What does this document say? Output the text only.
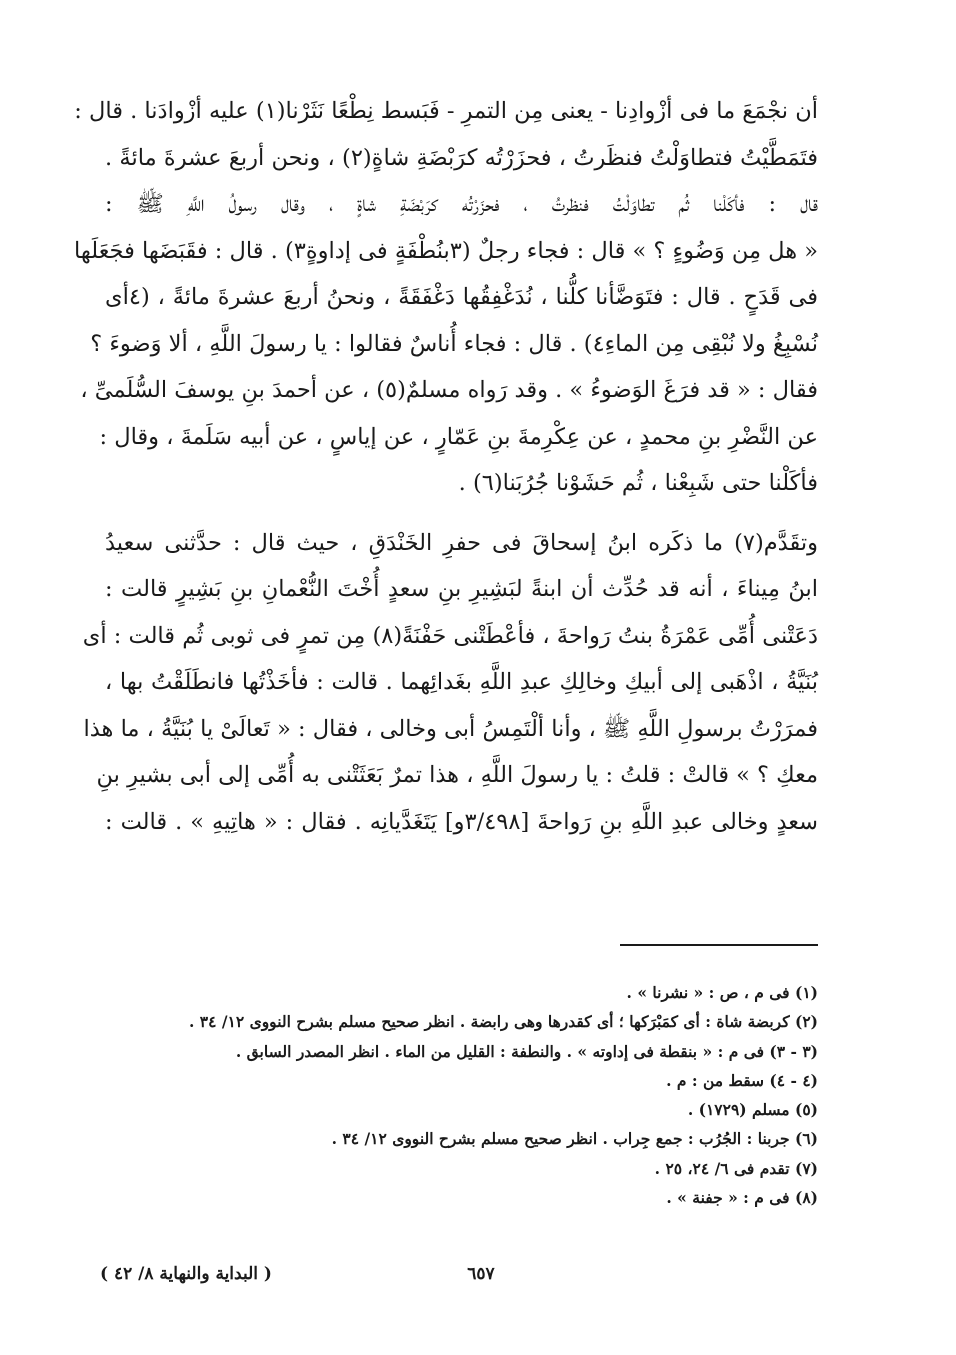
أن نجْمَعَ ما فى أزْوادِنا - يعنى مِن التمرِ - فَبَسط نِطْعًا نَثَرْنا(١) عليه أزْوادَنا . قال :
فتَمَطَّيْتُ فتطاوَلْتُ فنظَرتُ ، فحزَرْتُه كرَبْضَةِ شاةٍ(٢) ، ونحن أربعَ عشرةَ مائةً .
قال : فأكَلْنا ثُم تطاوَلْتُ فنظرتُ ، فحزَرْتُه كرَبْضَةِ شاةٍ ، وقال رسولُ اللَّهِ ﷺ :
« هل مِن وَضُوءٍ ؟ » قال : فجاء رجلٌ (٣بنُطْفَةٍ فى إداوةٍ٣) . قال : فقَبَضَها فجَعَلَها
فى قَدَحٍ . قال : فتَوَضَّأنا كلُّنا ، نُدَغْفِقُها دَغْفَقَةً ، ونحنُ أربعَ عشرةَ مائةً ، (٤أى
نُسْبِغُ ولا نُبْقِى مِن الماءِ٤) . قال : فجاء أُناسٌ فقالوا : يا رسولَ اللَّهِ ، ألا وَضوءَ ؟
فقال : « قد فرَغَ الوَضوءُ » . وقد رَواه مسلمٌ(٥) ، عن أحمدَ بنِ يوسفَ السُّلَمىِّ ،
عن النَّضْرِ بنِ محمدٍ ، عن عِكْرِمةَ بنِ عَمّارٍ ، عن إياسٍ ، عن أبيه سَلَمةَ ، وقال :
فأكَلْنا حتى شَبِعْنا ، ثُم حَشَوْنا جُرُبَنا(٦) .
وتقَدَّم(٧) ما ذكَره ابنُ إسحاقَ فى حفرِ الخَنْدَقِ ، حيث قال : حدَّثنى سعيدُ
ابنُ مِيناءَ ، أنه قد حُدِّث أن ابنةً لبَشِيرِ بنِ سعدٍ أُخْتَ النُّعْمانِ بنِ بَشِيرٍ قالت :
دَعَتْنى أُمِّى عَمْرَةُ بنتُ رَواحةَ ، فأعْطَتْنى حَفْنَةً(٨) مِن تمرٍ فى ثوبى ثُم قالت : أى
بُنَيَّةُ ، اذْهَبى إلى أبيكِ وخالِكِ عبدِ اللَّهِ بغَدائِهما . قالت : فأخَذْتُها فانطَلَقْتُ بها ،
فمرَرْتُ برسولِ اللَّهِ ﷺ ، وأنا ألْتَمِسُ أبى وخالى ، فقال : « تَعالَىْ يا بُنَيَّةُ ، ما هذا
معكِ ؟ » قالتْ : قلتُ : يا رسولَ اللَّهِ ، هذا تمرٌ بَعَثَتْنى به أُمِّى إلى أبى بشيرِ بنِ
سعدٍ وخالى عبدِ اللَّهِ بنِ رَواحةَ [٣/٤٩٨و] يَتَغَدَّيانِه . فقال : « هاتِيهِ » . قالت :
(١) فى م ، ص : « نشرنا » .
(٢) كربضة شاة : أى كمَبْرَكها ؛ أى كقدرها وهى رابضة . انظر صحيح مسلم بشرح النووى ١٢/ ٣٤ .
(٣ - ٣) فى م : « بنقطة فى إداوته » . والنطفة : القليل من الماء . انظر المصدر السابق .
(٤ - ٤) سقط من : م .
(٥) مسلم (١٧٢٩) .
(٦) جربنا : الجُرُب : جمع جِراب . انظر صحيح مسلم بشرح النووى ١٢/ ٣٤ .
(٧) تقدم فى ٦/ ٢٤، ٢٥ .
(٨) فى م : « جفنة » .
٦٥٧
( البداية والنهاية ٨/ ٤٢ )
